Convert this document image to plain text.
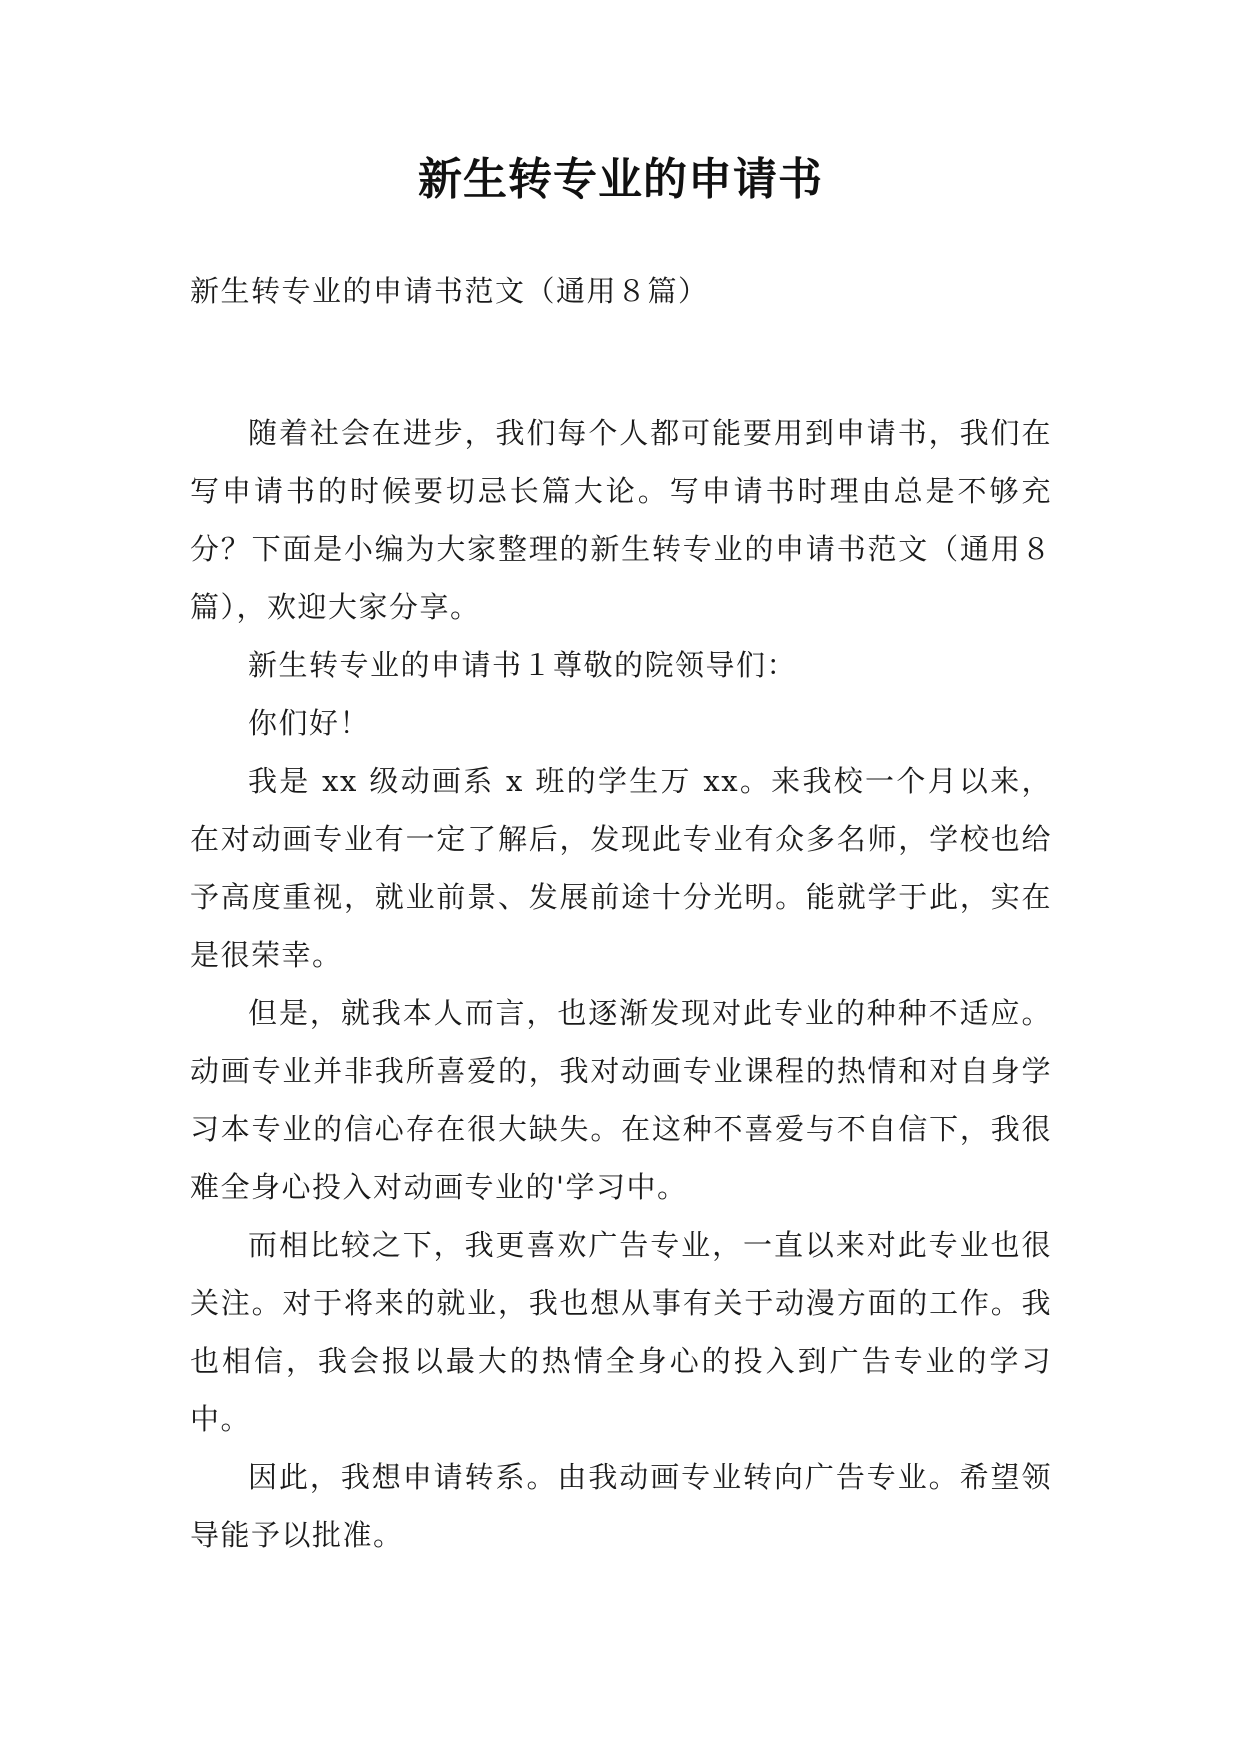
新生转专业的申请书
新生转专业的申请书范文（通用８篇）

随着社会在进步，我们每个人都可能要用到申请书，我们在写申请书的时候要切忌长篇大论。写申请书时理由总是不够充分？下面是小编为大家整理的新生转专业的申请书范文（通用８篇），欢迎大家分享。

新生转专业的申请书１尊敬的院领导们：

你们好！

我是 xx 级动画系 x 班的学生万 xx。来我校一个月以来，在对动画专业有一定了解后，发现此专业有众多名师，学校也给予高度重视，就业前景、发展前途十分光明。能就学于此，实在是很荣幸。

但是，就我本人而言，也逐渐发现对此专业的种种不适应。动画专业并非我所喜爱的，我对动画专业课程的热情和对自身学习本专业的信心存在很大缺失。在这种不喜爱与不自信下，我很难全身心投入对动画专业的'学习中。

而相比较之下，我更喜欢广告专业，一直以来对此专业也很关注。对于将来的就业，我也想从事有关于动漫方面的工作。我也相信，我会报以最大的热情全身心的投入到广告专业的学习中。

因此，我想申请转系。由我动画专业转向广告专业。希望领导能予以批准。
